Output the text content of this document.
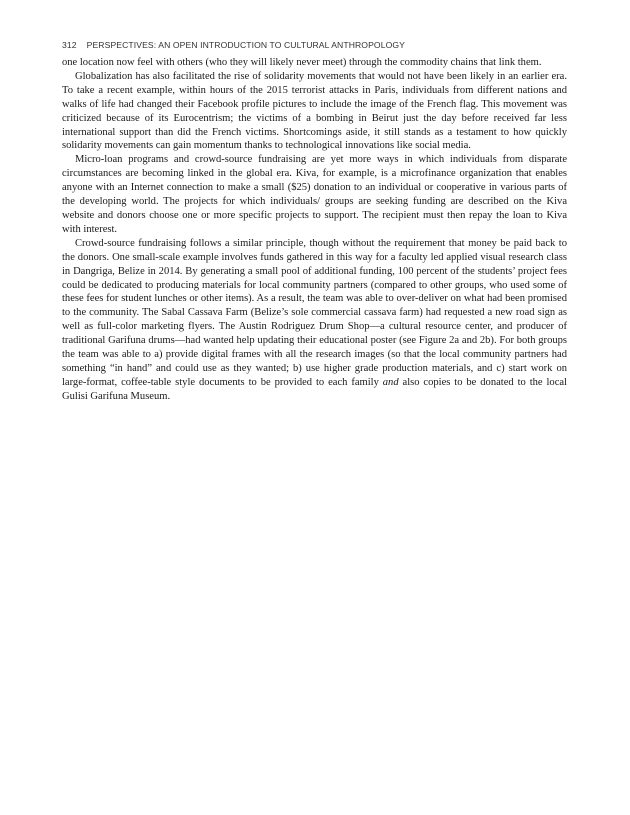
312 PERSPECTIVES: AN OPEN INTRODUCTION TO CULTURAL ANTHROPOLOGY

one location now feel with others (who they will likely never meet) through the commodity chains that link them.

Globalization has also facilitated the rise of solidarity movements that would not have been likely in an earlier era. To take a recent example, within hours of the 2015 terrorist attacks in Paris, individuals from different nations and walks of life had changed their Facebook profile pictures to include the image of the French flag. This movement was criticized because of its Eurocentrism; the victims of a bombing in Beirut just the day before received far less international support than did the French victims. Shortcomings aside, it still stands as a testament to how quickly solidarity movements can gain momentum thanks to technological innovations like social media.

Micro-loan programs and crowd-source fundraising are yet more ways in which individuals from disparate circumstances are becoming linked in the global era. Kiva, for example, is a microfinance organization that enables anyone with an Internet connection to make a small ($25) donation to an individual or cooperative in various parts of the developing world. The projects for which individuals/ groups are seeking funding are described on the Kiva website and donors choose one or more specific projects to support. The recipient must then repay the loan to Kiva with interest.

Crowd-source fundraising follows a similar principle, though without the requirement that money be paid back to the donors. One small-scale example involves funds gathered in this way for a faculty led applied visual research class in Dangriga, Belize in 2014. By generating a small pool of additional funding, 100 percent of the students’ project fees could be dedicated to producing materials for local community partners (compared to other groups, who used some of these fees for student lunches or other items). As a result, the team was able to over-deliver on what had been promised to the community. The Sabal Cassava Farm (Belize’s sole commercial cassava farm) had requested a new road sign as well as full-color marketing flyers. The Austin Rodriguez Drum Shop—a cultural resource center, and producer of traditional Garifuna drums—had wanted help updating their educational poster (see Figure 2a and 2b). For both groups the team was able to a) provide digital frames with all the research images (so that the local community partners had something “in hand” and could use as they wanted; b) use higher grade production materials, and c) start work on large-format, coffee-table style documents to be provided to each family and also copies to be donated to the local Gulisi Garifuna Museum.
